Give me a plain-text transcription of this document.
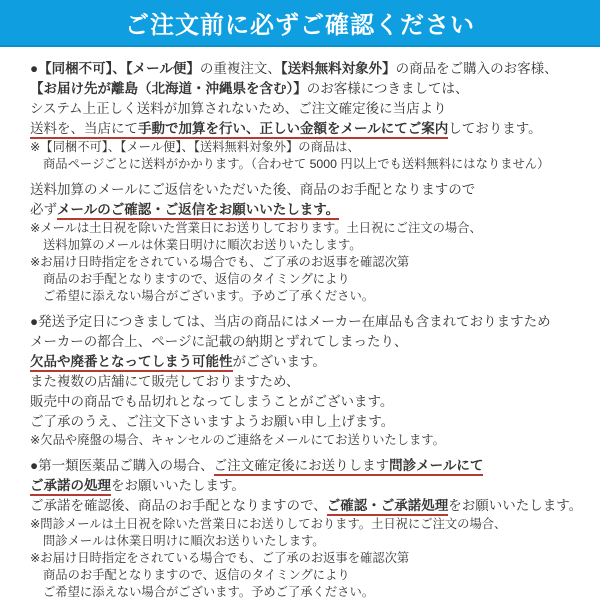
ご注文前に必ずご確認ください
●【同梱不可】、【メール便】の重複注文、【送料無料対象外】の商品をご購入のお客様、
【お届け先が離島（北海道・沖縄県を含む）】のお客様につきましては、
システム上正しく送料が加算されないため、ご注文確定後に当店より
送料を、当店にて手動で加算を行い、正しい金額をメールにてご案内しております。
※【同梱不可】、【メール便】、【送料無料対象外】の商品は、
商品ページごとに送料がかかります。（合わせて 5000 円以上でも送料無料にはなりません）
送料加算のメールにご返信をいただいた後、商品のお手配となりますので
必ずメールのご確認・ご返信をお願いいたします。
※メールは土日祝を除いた営業日にお送りしております。土日祝にご注文の場合、
送料加算のメールは休業日明けに順次お送りいたします。
※お届け日時指定をされている場合でも、ご了承のお返事を確認次第
商品のお手配となりますので、返信のタイミングにより
ご希望に添えない場合がございます。予めご了承ください。
●発送予定日につきましては、当店の商品にはメーカー在庫品も含まれておりますため
メーカーの都合上、ページに記載の納期とずれてしまったり、
欠品や廃番となってしまう可能性がございます。
また複数の店舗にて販売しておりますため、
販売中の商品でも品切れとなってしまうことがございます。
ご了承のうえ、ご注文下さいますようお願い申し上げます。
※欠品や廃盤の場合、キャンセルのご連絡をメールにてお送りいたします。
●第一類医薬品ご購入の場合、ご注文確定後にお送りします問診メールにて
ご承諾の処理をお願いいたします。
ご承諾を確認後、商品のお手配となりますので、ご確認・ご承諾処理をお願いいたします。
※問診メールは土日祝を除いた営業日にお送りしております。土日祝にご注文の場合、
問診メールは休業日明けに順次お送りいたします。
※お届け日時指定をされている場合でも、ご了承のお返事を確認次第
商品のお手配となりますので、返信のタイミングにより
ご希望に添えない場合がございます。予めご了承ください。
